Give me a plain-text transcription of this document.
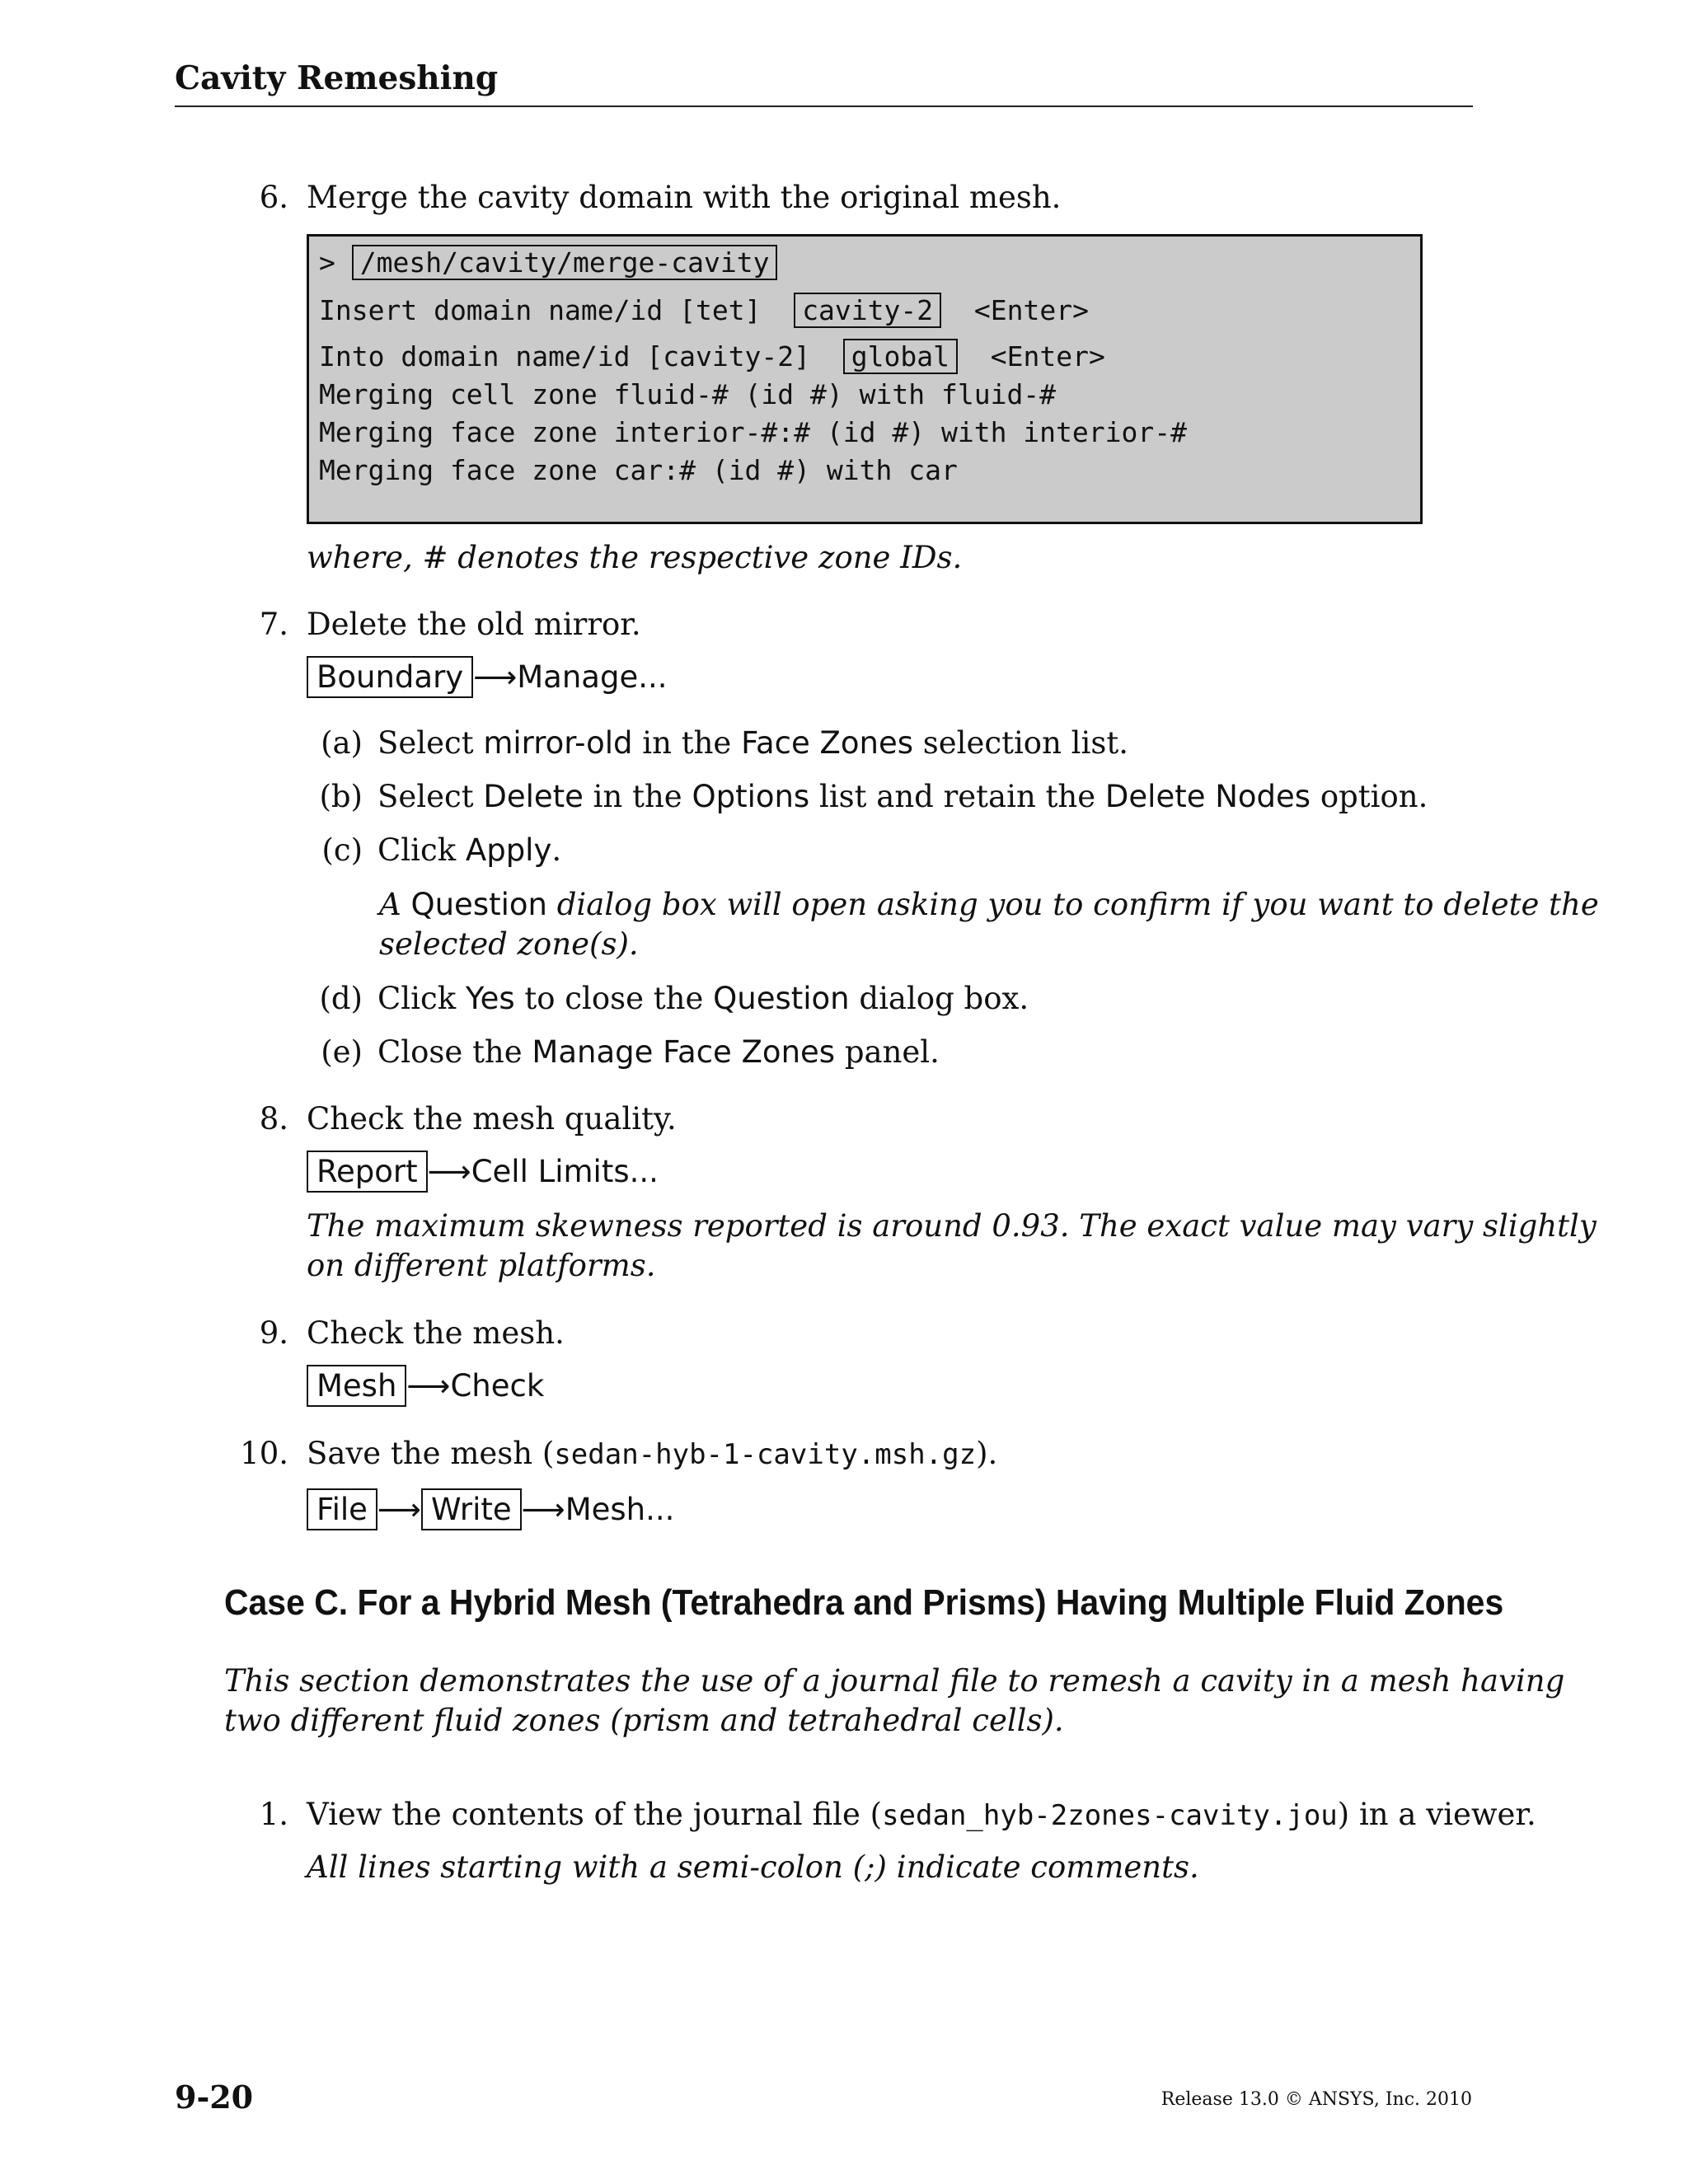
Cavity Remeshing
6. Merge the cavity domain with the original mesh.
> /mesh/cavity/merge-cavity
Insert domain name/id [tet] cavity-2 <Enter>
Into domain name/id [cavity-2] global <Enter>
Merging cell zone fluid-# (id #) with fluid-#
Merging face zone interior-#:# (id #) with interior-#
Merging face zone car:# (id #) with car
where, # denotes the respective zone IDs.
7. Delete the old mirror.
Boundary ⟶Manage...
(a) Select mirror-old in the Face Zones selection list.
(b) Select Delete in the Options list and retain the Delete Nodes option.
(c) Click Apply.
A Question dialog box will open asking you to confirm if you want to delete the
selected zone(s).
(d) Click Yes to close the Question dialog box.
(e) Close the Manage Face Zones panel.
8. Check the mesh quality.
Report ⟶Cell Limits...
The maximum skewness reported is around 0.93. The exact value may vary slightly
on different platforms.
9. Check the mesh.
Mesh ⟶Check
10. Save the mesh (sedan-hyb-1-cavity.msh.gz).
File ⟶ Write ⟶Mesh...
Case C. For a Hybrid Mesh (Tetrahedra and Prisms) Having Multiple Fluid Zones
This section demonstrates the use of a journal file to remesh a cavity in a mesh having
two different fluid zones (prism and tetrahedral cells).
1. View the contents of the journal file (sedan_hyb-2zones-cavity.jou) in a viewer.
All lines starting with a semi-colon (;) indicate comments.
9-20	Release 13.0 © ANSYS, Inc. 2010
